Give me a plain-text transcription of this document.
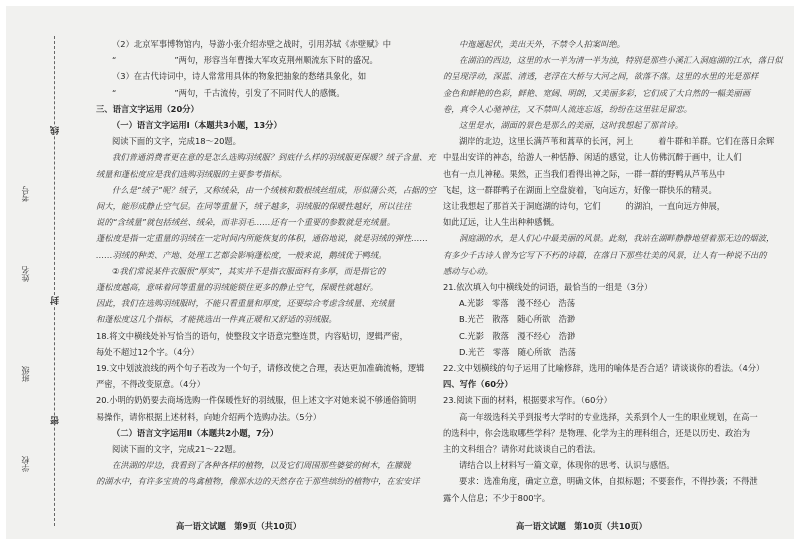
学校
班级
姓名
考号
线
封
密

（2）北京军事博物馆内，导游小张介绍赤壁之战时，引用苏轼《赤壁赋》中

“　　　　　　　”两句，形容当年曹操大军攻克荆州顺流东下时的盛况。

（3）在古代诗词中，诗人常常用具体的物象把抽象的愁绪具象化，如

“　　　　　　　”两句，千古流传，引发了不同时代人的感慨。

三、语言文字运用（20分）

（一）语言文字运用Ⅰ（本题共3小题，13分）

阅读下面的文字，完成18～20题。

我们普通消费者更在意的是怎么选购羽绒服？到底什么样的羽绒服更保暖？绒子含量、充

绒量和蓬松度应是我们选购羽绒服的主要参考指标。

什么是“绒子”呢？绒子，又称绒朵，由一个绒核和数根绒丝组成，形似蒲公英，占据的空

间大，能形成静止空气层。在同等重量下，绒子越多，羽绒服的保暖性越好，所以往往

说的“含绒量”就包括绒丝、绒朵，而非羽毛……还有一个重要的参数就是充绒量。

蓬松度是指一定重量的羽绒在一定时间内所能恢复的体积，通俗地说，就是羽绒的弹性……

……羽绒的种类、产地、处理工艺都会影响蓬松度，一般来说，鹅绒优于鸭绒。

②我们常说某件衣服很“厚实”，其实并不是指衣服面料有多厚，而是指它的

蓬松度越高，意味着同等重量的羽绒能锁住更多的静止空气，保暖性就越好。

因此，我们在选购羽绒服时，不能只看重量和厚度，还要综合考虑含绒量、充绒量

和蓬松度这几个指标，才能挑选出一件真正暖和又舒适的羽绒服。

18.将文中横线处补写恰当的语句，使整段文字语意完整连贯，内容贴切，逻辑严密，

每处不超过12个字。（4分）

19.文中划波浪线的两个句子若改为一个句子，请修改使之合理，表达更加准确流畅，逻辑

严密，不得改变原意。（4分）

20.小明的奶奶要去商场选购一件保暖性好的羽绒服，但上述文字对她来说不够通俗简明

易操作，请你根据上述材料，向她介绍两个选购办法。（5分）

（二）语言文字运用Ⅱ（本题共2小题，7分）

阅读下面的文字，完成21～22题。

在洪湖的岸边，我看到了各种各样的植物，以及它们周围那些婆娑的树木，在朦胧

的湖水中，有许多宝贵的鸟禽植物，像那水边的天然存在于那些缤纷的植物中，在宏安详

中迤逦起伏，美出天外，不禁令人拍案叫绝。

在湖泊的西边，这里的水一半为清一半为浊，特别是那些小溪汇入洞庭湖的江水，落日似

的呈现浮动，深蓝、清透，老浮在大桥与大河之间，欲落不落。这里的水里的光是那样

金色和鲜艳的色彩，鲜艳、宽阔、明朗，又美丽多彩，它们成了大自然的一幅美丽画

卷，真令人心驰神往，又不禁叫人流连忘返，纷纷在这里驻足留恋。

这里是水，湖面的景色是那么的美丽，这时我想起了那首诗。

湖岸的北边，这里长满芦苇和蒿草的长河，河上　　　着牛群和羊群。它们在落日余辉

中显出安详的神态，给游人一种恬静、闲适的感觉，让人仿佛沉醉于画中，让人们

也有一点儿神秘。果然，正当我们看得出神之际，一群一群的野鸭从芦苇丛中

飞起，这一群群鸭子在湖面上空盘旋着，飞向远方，好像一群快乐的精灵。

这让我想起了那首关于洞庭湖的诗句，它们　　　的湖泊，一直向远方伸展，

如此辽远，让人生出种种感慨。

洞庭湖的水，是人们心中最美丽的风景。此刻，我站在湖畔静静地望着那无边的烟波，

有多少千古诗人曾为它写下不朽的诗篇，在落日下那些壮美的风景，让人有一种说不出的

感动与心动。

21.依次填入句中横线处的词语，最恰当的一组是（3分）

A.光影　零落　漫不经心　浩荡

B.光芒　散落　随心所欲　浩渺

C.光影　散落　漫不经心　浩渺

D.光芒　零落　随心所欲　浩荡

22.文中划横线的句子运用了比喻修辞，选用的喻体是否合适？请谈谈你的看法。（4分）

四、写作（60分）

23.阅读下面的材料，根据要求写作。（60分）

高一年级选科关乎到报考大学时的专业选择，关系到个人一生的职业规划，在高一

的选科中，你会选取哪些学科？是物理、化学为主的理科组合，还是以历史、政治为

主的文科组合？请你对此谈谈自己的看法。

请结合以上材料写一篇文章，体现你的思考、认识与感悟。

要求：选准角度，确定立意，明确文体，自拟标题；不要套作，不得抄袭；不得泄

露个人信息；不少于800字。

高一语文试题　第9页（共10页）	高一语文试题　第10页（共10页）
